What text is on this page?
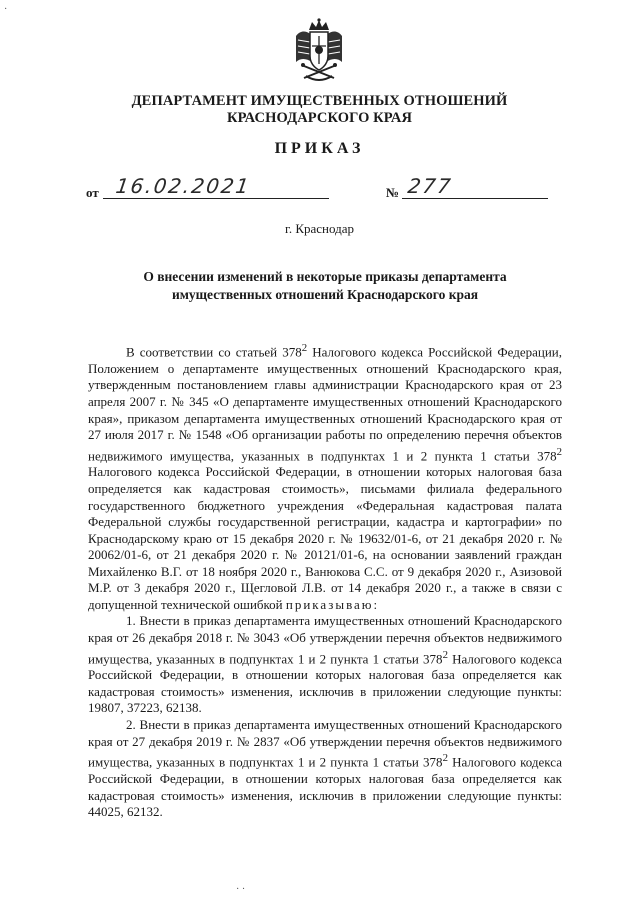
ДЕПАРТАМЕНТ ИМУЩЕСТВЕННЫХ ОТНОШЕНИЙ
КРАСНОДАРСКОГО КРАЯ
ПРИКАЗ
от 16.02.2021	№ 277
г. Краснодар
О внесении изменений в некоторые приказы департамента
имущественных отношений Краснодарского края

В соответствии со статьей $378^2$ Налогового кодекса Российской Федерации, Положением о департаменте имущественных отношений Краснодарского края, утвержденным постановлением главы администрации Краснодарского края от 23 апреля 2007 г. № 345 «О департаменте имущественных отношений Краснодарского края», приказом департамента имущественных отношений Краснодарского края от 27 июля 2017 г. № 1548 «Об организации работы по определению перечня объектов недвижимого имущества, указанных в подпунктах 1 и 2 пункта 1 статьи $378^2$ Налогового кодекса Российской Федерации, в отношении которых налоговая база определяется как кадастровая стоимость», письмами филиала федерального государственного бюджетного учреждения «Федеральная кадастровая палата Федеральной службы государственной регистрации, кадастра и картографии» по Краснодарскому краю от 15 декабря 2020 г. № 19632/01-6, от 21 декабря 2020 г. № 20062/01-6, от 21 декабря 2020 г. № 20121/01-6, на основании заявлений граждан Михайленко В.Г. от 18 ноября 2020 г., Ванюкова С.С. от 9 декабря 2020 г., Азизовой М.Р. от 3 декабря 2020 г., Щегловой Л.В. от 14 декабря 2020 г., а также в связи с допущенной технической ошибкой приказываю:

1. Внести в приказ департамента имущественных отношений Краснодарского края от 26 декабря 2018 г. № 3043 «Об утверждении перечня объектов недвижимого имущества, указанных в подпунктах 1 и 2 пункта 1 статьи $378^2$ Налогового кодекса Российской Федерации, в отношении которых налоговая база определяется как кадастровая стоимость» изменения, исключив в приложении следующие пункты: 19807, 37223, 62138.

2. Внести в приказ департамента имущественных отношений Краснодарского края от 27 декабря 2019 г. № 2837 «Об утверждении перечня объектов недвижимого имущества, указанных в подпунктах 1 и 2 пункта 1 статьи $378^2$ Налогового кодекса Российской Федерации, в отношении которых налоговая база определяется как кадастровая стоимость» изменения, исключив в приложении следующие пункты: 44025, 62132.

·
· ·
